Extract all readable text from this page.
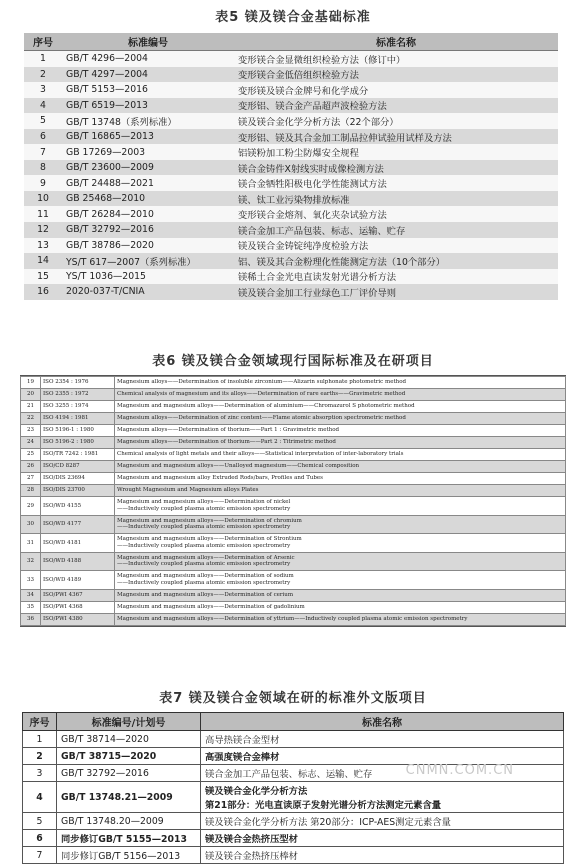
表5 镁及镁合金基础标准
序号	标准编号	标准名称
1	GB/T 4296—2004	变形镁合金显微组织检验方法（修订中）
2	GB/T 4297—2004	变形镁合金低倍组织检验方法
3	GB/T 5153—2016	变形镁及镁合金牌号和化学成分
4	GB/T 6519—2013	变形铝、镁合金产品超声波检验方法
5	GB/T 13748（系列标准）	镁及镁合金化学分析方法（22个部分）
6	GB/T 16865—2013	变形铝、镁及其合金加工制品拉伸试验用试样及方法
7	GB 17269—2003	铝镁粉加工粉尘防爆安全规程
8	GB/T 23600—2009	镁合金铸件X射线实时成像检测方法
9	GB/T 24488—2021	镁合金牺牲阳极电化学性能测试方法
10	GB 25468—2010	镁、钛工业污染物排放标准
11	GB/T 26284—2010	变形镁合金熔剂、氧化夹杂试验方法
12	GB/T 32792—2016	镁合金加工产品包装、标志、运输、贮存
13	GB/T 38786—2020	镁及镁合金铸锭纯净度检验方法
14	YS/T 617—2007（系列标准）	铝、镁及其合金粉理化性能测定方法（10个部分）
15	YS/T 1036—2015	镁稀土合金光电直读发射光谱分析方法
16	2020-037-T/CNIA	镁及镁合金加工行业绿色工厂评价导则
表6 镁及镁合金领域现行国际标准及在研项目
19	ISO 2354 : 1976	Magnesium alloys——Determination of insoluble zirconium——Alizarin sulphonate photometric method

20	ISO 2355 : 1972	Chemical analysis of magnesium and its alloys——Determination of rare earths——Gravimetric method

21	ISO 3255 : 1974	Magnesium and magnesium alloys——Determination of aluminium——Chromazurol S photometric method

22	ISO 4194 : 1981	Magnesium alloys——Determination of zinc content——Flame atomic absorption spectrometric method

23	ISO 5196-1 : 1980	Magnesium alloys——Determination of thorium——Part 1 : Gravimetric method

24	ISO 5196-2 : 1980	Magnesium alloys——Determination of thorium——Part 2 : Titrimetric method

25	ISO/TR 7242 : 1981	Chemical analysis of light metals and their alloys——Statistical interpretation of inter-laboratory trials

26	ISO/CD 8287	Magnesium and magnesium alloys——Unalloyed magnesium——Chemical composition

27	ISO/DIS 23694	Magnesium and magnesium alloy Extruded Rods/bars, Profiles and Tubes

28	ISO/DIS 23700	Wrought Magnesium and Magnesium alloys Plates

29	ISO/WD 4155	Magnesium and magnesium alloys——Determination of nickel
——Inductively coupled plasma atomic emission spectrometry

30	ISO/WD 4177	Magnesium and magnesium alloys——Determination of chromium
——Inductively coupled plasma atomic emission spectrometry

31	ISO/WD 4181	Magnesium and magnesium alloys——Determination of Strontium
——Inductively coupled plasma atomic emission spectrometry

32	ISO/WD 4188	Magnesium and magnesium alloys——Determination of Arsenic
——Inductively coupled plasma atomic emission spectrometry

33	ISO/WD 4189	Magnesium and magnesium alloys——Determination of sodium
——Inductively coupled plasma atomic emission spectrometry

34	ISO/PWI 4367	Magnesium and magnesium alloys——Determination of cerium

35	ISO/PWI 4368	Magnesium and magnesium alloys——Determination of gadolinium

36	ISO/PWI 4380	Magnesium and magnesium alloys——Determination of yttrium——Inductively coupled plasma atomic emission spectrometry
表7 镁及镁合金领域在研的标准外文版项目
序号	标准编号/计划号	标准名称
1	GB/T 38714—2020	高导热镁合金型材

2	GB/T 38715—2020	高强度镁合金棒材

3	GB/T 32792—2016	镁合金加工产品包装、标志、运输、贮存

4	GB/T 13748.21—2009	镁及镁合金化学分析方法
第21部分：光电直读原子发射光谱分析方法测定元素含量

5	GB/T 13748.20—2009	镁及镁合金化学分析方法 第20部分：ICP-AES测定元素含量

6	同步修订GB/T 5155—2013	镁及镁合金热挤压型材

7	同步修订GB/T 5156—2013	镁及镁合金热挤压棒材
CNMN.COM.CN
